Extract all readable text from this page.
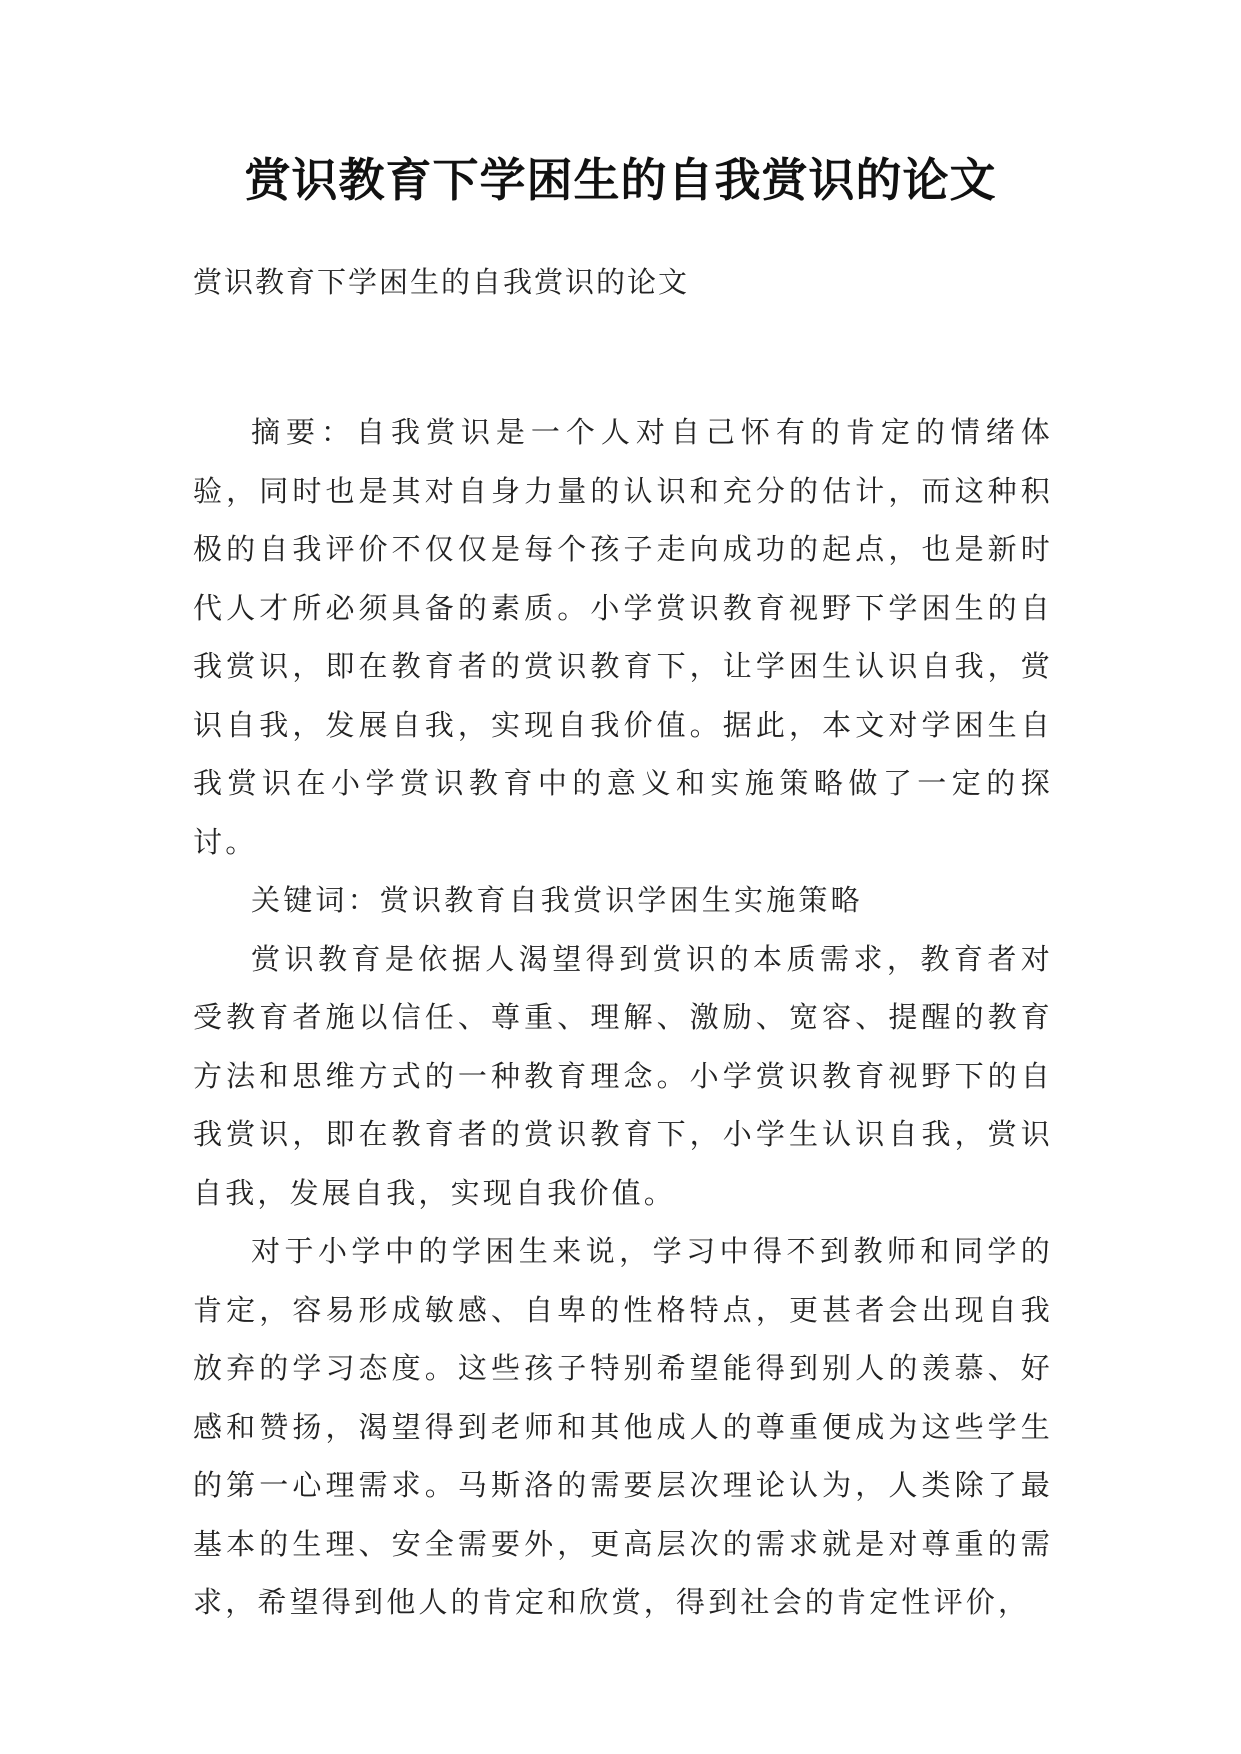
赏识教育下学困生的自我赏识的论文
赏识教育下学困生的自我赏识的论文

摘要：自我赏识是一个人对自己怀有的肯定的情绪体验，同时也是其对自身力量的认识和充分的估计，而这种积极的自我评价不仅仅是每个孩子走向成功的起点，也是新时代人才所必须具备的素质。小学赏识教育视野下学困生的自我赏识，即在教育者的赏识教育下，让学困生认识自我，赏识自我，发展自我，实现自我价值。据此，本文对学困生自我赏识在小学赏识教育中的意义和实施策略做了一定的探讨。

关键词：赏识教育自我赏识学困生实施策略

赏识教育是依据人渴望得到赏识的本质需求，教育者对受教育者施以信任、尊重、理解、激励、宽容、提醒的教育方法和思维方式的一种教育理念。小学赏识教育视野下的自我赏识，即在教育者的赏识教育下，小学生认识自我，赏识自我，发展自我，实现自我价值。

对于小学中的学困生来说，学习中得不到教师和同学的肯定，容易形成敏感、自卑的性格特点，更甚者会出现自我放弃的学习态度。这些孩子特别希望能得到别人的羡慕、好感和赞扬，渴望得到老师和其他成人的尊重便成为这些学生的第一心理需求。马斯洛的需要层次理论认为，人类除了最基本的生理、安全需要外，更高层次的需求就是对尊重的需求，希望得到他人的肯定和欣赏，得到社会的肯定性评价，
